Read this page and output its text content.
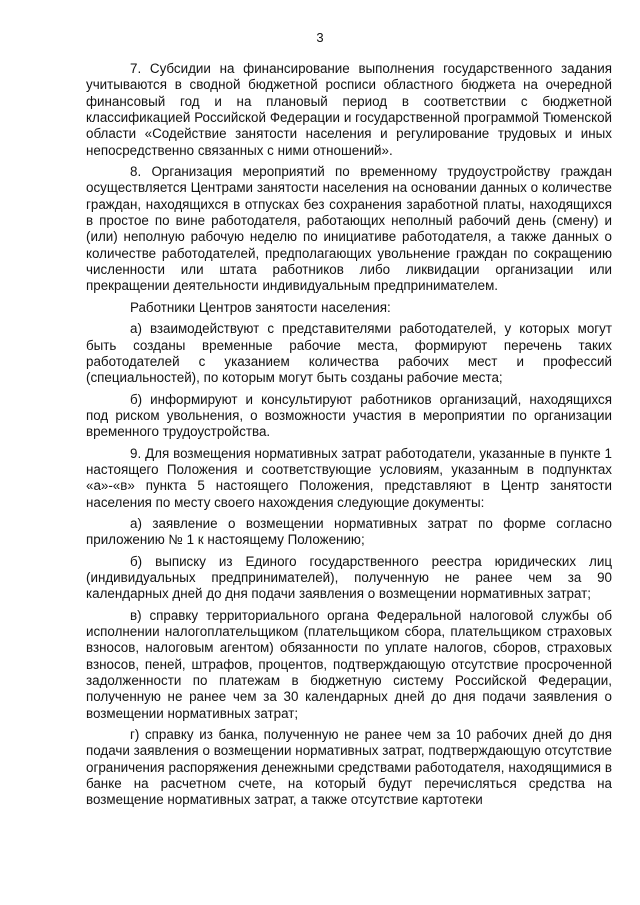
3

7. Субсидии на финансирование выполнения государственного задания учитываются в сводной бюджетной росписи областного бюджета на очередной финансовый год и на плановый период в соответствии с бюджетной классификацией Российской Федерации и государственной программой Тюменской области «Содействие занятости населения и регулирование трудовых и иных непосредственно связанных с ними отношений».

8. Организация мероприятий по временному трудоустройству граждан осуществляется Центрами занятости населения на основании данных о количестве граждан, находящихся в отпусках без сохранения заработной платы, находящихся в простое по вине работодателя, работающих неполный рабочий день (смену) и (или) неполную рабочую неделю по инициативе работодателя, а также данных о количестве работодателей, предполагающих увольнение граждан по сокращению численности или штата работников либо ликвидации организации или прекращении деятельности индивидуальным предпринимателем.

Работники Центров занятости населения:

а) взаимодействуют с представителями работодателей, у которых могут быть созданы временные рабочие места, формируют перечень таких работодателей с указанием количества рабочих мест и профессий (специальностей), по которым могут быть созданы рабочие места;

б) информируют и консультируют работников организаций, находящихся под риском увольнения, о возможности участия в мероприятии по организации временного трудоустройства.

9. Для возмещения нормативных затрат работодатели, указанные в пункте 1 настоящего Положения и соответствующие условиям, указанным в подпунктах «а»-«в» пункта 5 настоящего Положения, представляют в Центр занятости населения по месту своего нахождения следующие документы:

а) заявление о возмещении нормативных затрат по форме согласно приложению № 1 к настоящему Положению;

б) выписку из Единого государственного реестра юридических лиц (индивидуальных предпринимателей), полученную не ранее чем за 90 календарных дней до дня подачи заявления о возмещении нормативных затрат;

в) справку территориального органа Федеральной налоговой службы об исполнении налогоплательщиком (плательщиком сбора, плательщиком страховых взносов, налоговым агентом) обязанности по уплате налогов, сборов, страховых взносов, пеней, штрафов, процентов, подтверждающую отсутствие просроченной задолженности по платежам в бюджетную систему Российской Федерации, полученную не ранее чем за 30 календарных дней до дня подачи заявления о возмещении нормативных затрат;

г) справку из банка, полученную не ранее чем за 10 рабочих дней до дня подачи заявления о возмещении нормативных затрат, подтверждающую отсутствие ограничения распоряжения денежными средствами работодателя, находящимися в банке на расчетном счете, на который будут перечисляться средства на возмещение нормативных затрат, а также отсутствие картотеки
